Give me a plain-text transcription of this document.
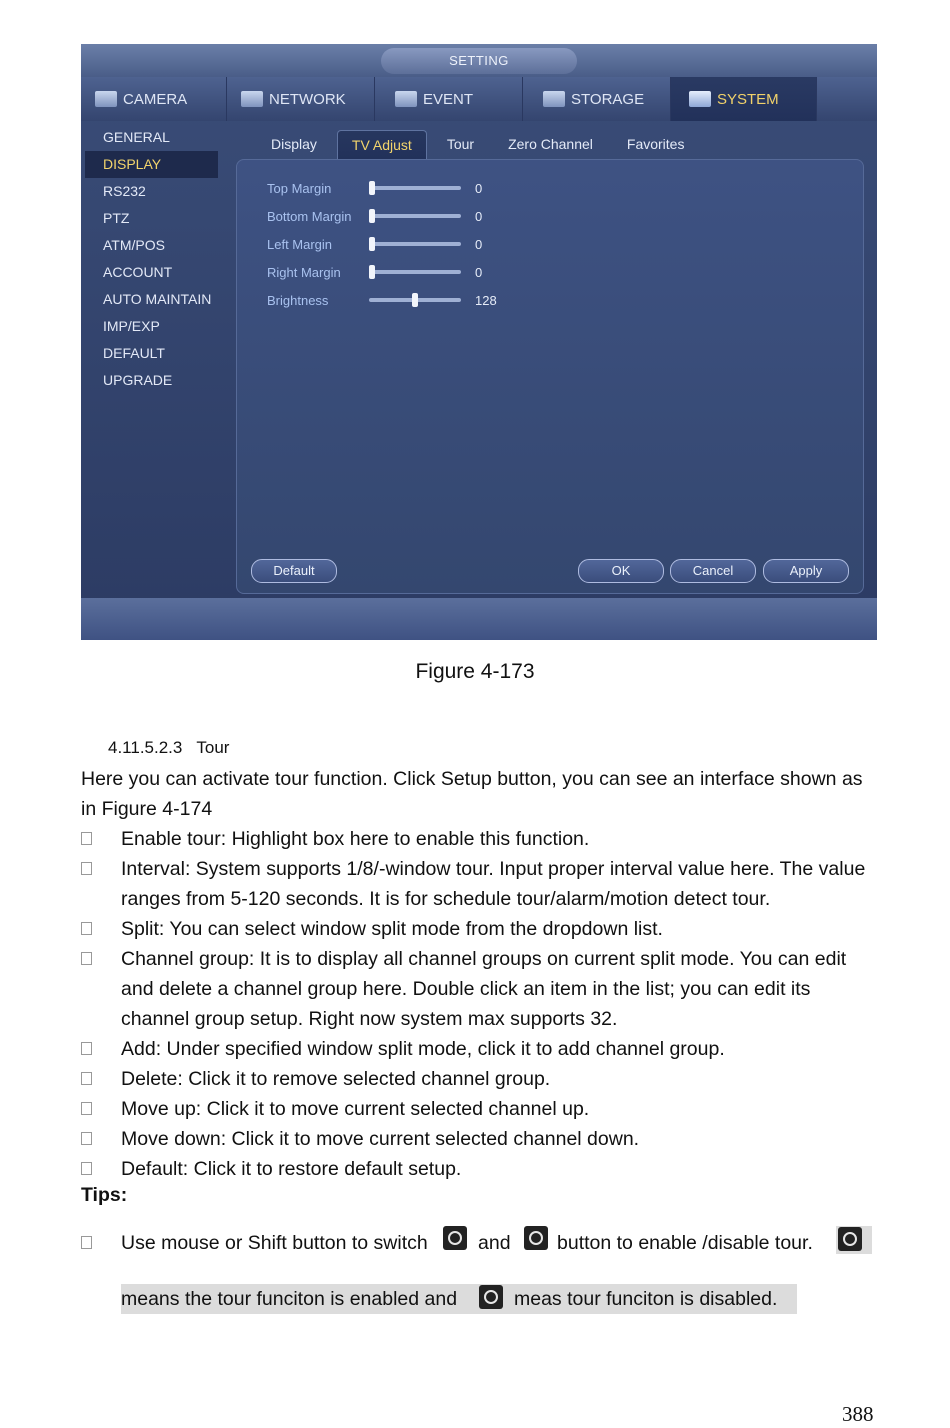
SETTING
CAMERA	NETWORK	EVENT	STORAGE	SYSTEM
GENERAL
DISPLAY
RS232
PTZ
ATM/POS
ACCOUNT
AUTO MAINTAIN
IMP/EXP
DEFAULT
UPGRADE
Display	TV Adjust	Tour	Zero Channel	Favorites
Top Margin	0
Bottom Margin	0
Left Margin	0
Right Margin	0
Brightness	128
Default	OK	Cancel	Apply
Figure 4-173
4.11.5.2.3 Tour
Here you can activate tour function. Click Setup button, you can see an interface shown as in Figure 4-174
Enable tour: Highlight box here to enable this function.
Interval: System supports 1/8/-window tour. Input proper interval value here. The value ranges from 5-120 seconds. It is for schedule tour/alarm/motion detect tour.
Split: You can select window split mode from the dropdown list.
Channel group: It is to display all channel groups on current split mode. You can edit and delete a channel group here. Double click an item in the list; you can edit its channel group setup. Right now system max supports 32.
Add: Under specified window split mode, click it to add channel group.
Delete: Click it to remove selected channel group.
Move up: Click it to move current selected channel up.
Move down: Click it to move current selected channel down.
Default: Click it to restore default setup.
Tips:
Use mouse or Shift button to switch	and button to enable /disable tour.
means the tour funciton is enabled and	meas tour funciton is disabled.
388
